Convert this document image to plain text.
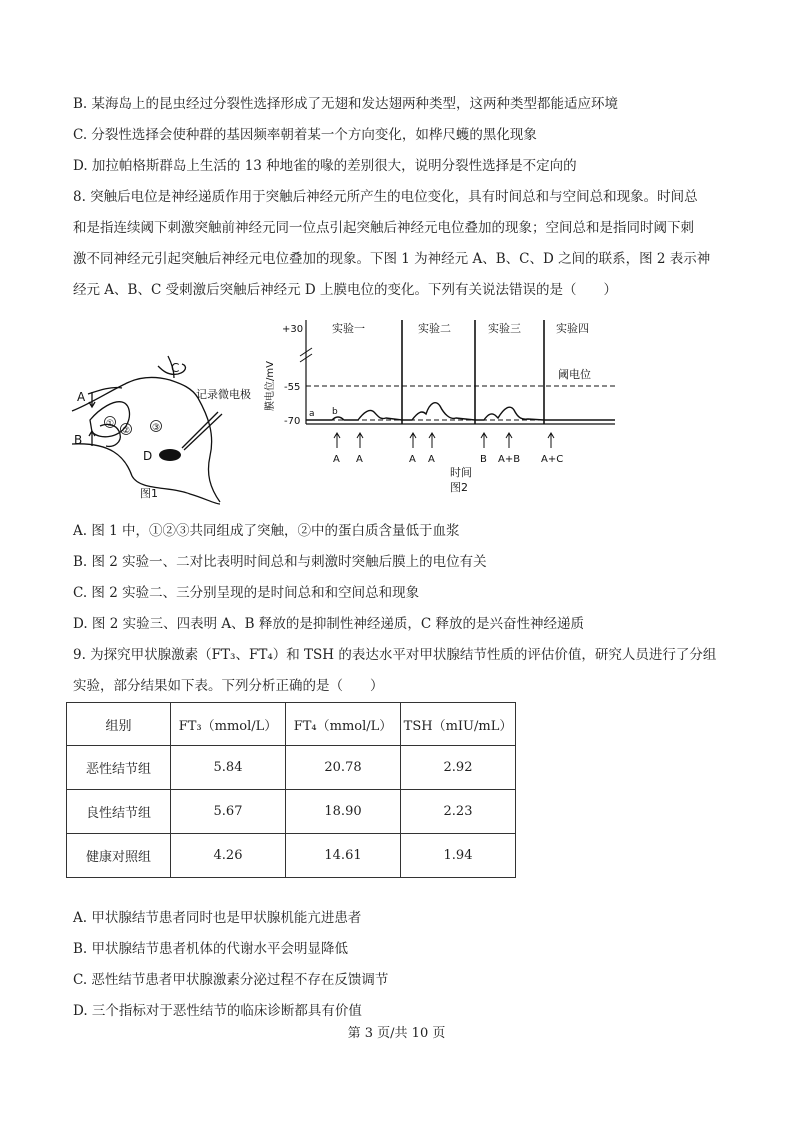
B. 某海岛上的昆虫经过分裂性选择形成了无翅和发达翅两种类型，这两种类型都能适应环境
C. 分裂性选择会使种群的基因频率朝着某一个方向变化，如桦尺蠖的黑化现象
D. 加拉帕格斯群岛上生活的 13 种地雀的喙的差别很大，说明分裂性选择是不定向的
8. 突触后电位是神经递质作用于突触后神经元所产生的电位变化，具有时间总和与空间总和现象。时间总
和是指连续阈下刺激突触前神经元同一位点引起突触后神经元电位叠加的现象；空间总和是指同时阈下刺
激不同神经元引起突触后神经元电位叠加的现象。下图 1 为神经元 A、B、C、D 之间的联系，图 2 表示神
经元 A、B、C 受刺激后突触后神经元 D 上膜电位的变化。下列有关说法错误的是（　　）
①
② ③
A
B
C
D
记录微电极
图1
+30
-55
-70
膜电位/mV	阈电位
a b
实验一	实验二	实验三	实验四
A A	A A	B A+B A+C
时间
图2
A. 图 1 中，①②③共同组成了突触，②中的蛋白质含量低于血浆
B. 图 2 实验一、二对比表明时间总和与刺激时突触后膜上的电位有关
C. 图 2 实验二、三分别呈现的是时间总和和空间总和现象
D. 图 2 实验三、四表明 A、B 释放的是抑制性神经递质，C 释放的是兴奋性神经递质
9. 为探究甲状腺激素（FT₃、FT₄）和 TSH 的表达水平对甲状腺结节性质的评估价值，研究人员进行了分组
实验，部分结果如下表。下列分析正确的是（　　）
组别	FT₃（mmol/L）	FT₄（mmol/L）	TSH（mIU/mL）
恶性结节组	5.84	20.78	2.92
良性结节组	5.67	18.90	2.23
健康对照组	4.26	14.61	1.94
A. 甲状腺结节患者同时也是甲状腺机能亢进患者
B. 甲状腺结节患者机体的代谢水平会明显降低
C. 恶性结节患者甲状腺激素分泌过程不存在反馈调节
D. 三个指标对于恶性结节的临床诊断都具有价值
第 3 页/共 10 页
